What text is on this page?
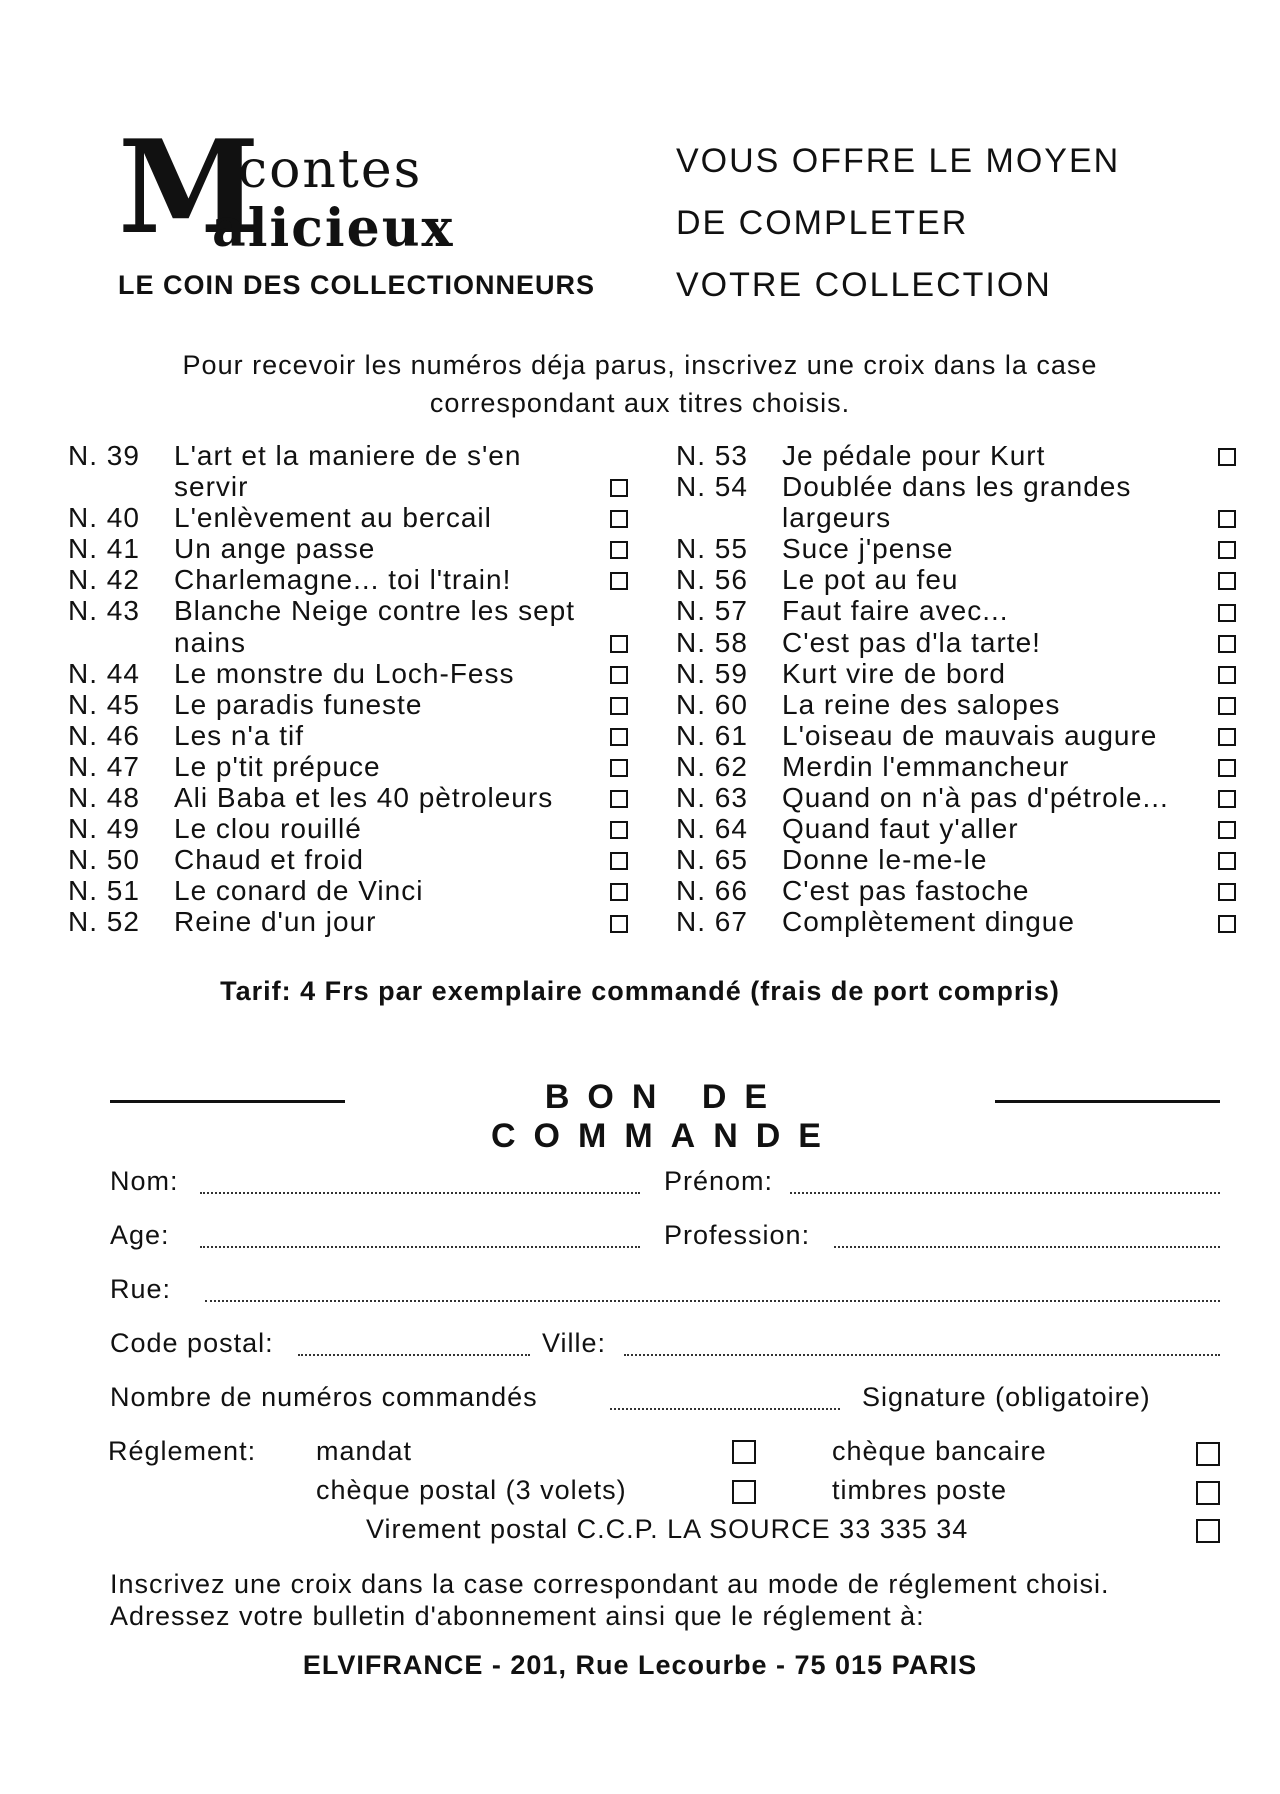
M
contes
alicieux
LE COIN DES COLLECTIONNEURS
VOUS OFFRE LE MOYEN
DE COMPLETER
VOTRE COLLECTION
Pour recevoir les numéros déja parus, inscrivez une croix dans la case
correspondant aux titres choisis.
N. 39 L'art et la maniere de s'en servir
N. 40 L'enlèvement au bercail
N. 41 Un ange passe
N. 42 Charlemagne... toi l'train!
N. 43 Blanche Neige contre les sept nains
N. 44 Le monstre du Loch-Fess
N. 45 Le paradis funeste
N. 46 Les n'a tif
N. 47 Le p'tit prépuce
N. 48 Ali Baba et les 40 pètroleurs
N. 49 Le clou rouillé
N. 50 Chaud et froid
N. 51 Le conard de Vinci
N. 52 Reine d'un jour
N. 53 Je pédale pour Kurt
N. 54 Doublée dans les grandes largeurs
N. 55 Suce j'pense
N. 56 Le pot au feu
N. 57 Faut faire avec...
N. 58 C'est pas d'la tarte!
N. 59 Kurt vire de bord
N. 60 La reine des salopes
N. 61 L'oiseau de mauvais augure
N. 62 Merdin l'emmancheur
N. 63 Quand on n'à pas d'pétrole...
N. 64 Quand faut y'aller
N. 65 Donne le-me-le
N. 66 C'est pas fastoche
N. 67 Complètement dingue
Tarif: 4 Frs par exemplaire commandé (frais de port compris)
BON DE COMMANDE
Nom:	Prénom:
Age:	Profession:
Rue:
Code postal:	Ville:
Nombre de numéros commandés	Signature (obligatoire)
Réglement: mandat	chèque bancaire
chèque postal (3 volets)	timbres poste
Virement postal C.C.P. LA SOURCE 33 335 34
Inscrivez une croix dans la case correspondant au mode de réglement choisi.
Adressez votre bulletin d'abonnement ainsi que le réglement à:
ELVIFRANCE - 201, Rue Lecourbe - 75 015 PARIS
